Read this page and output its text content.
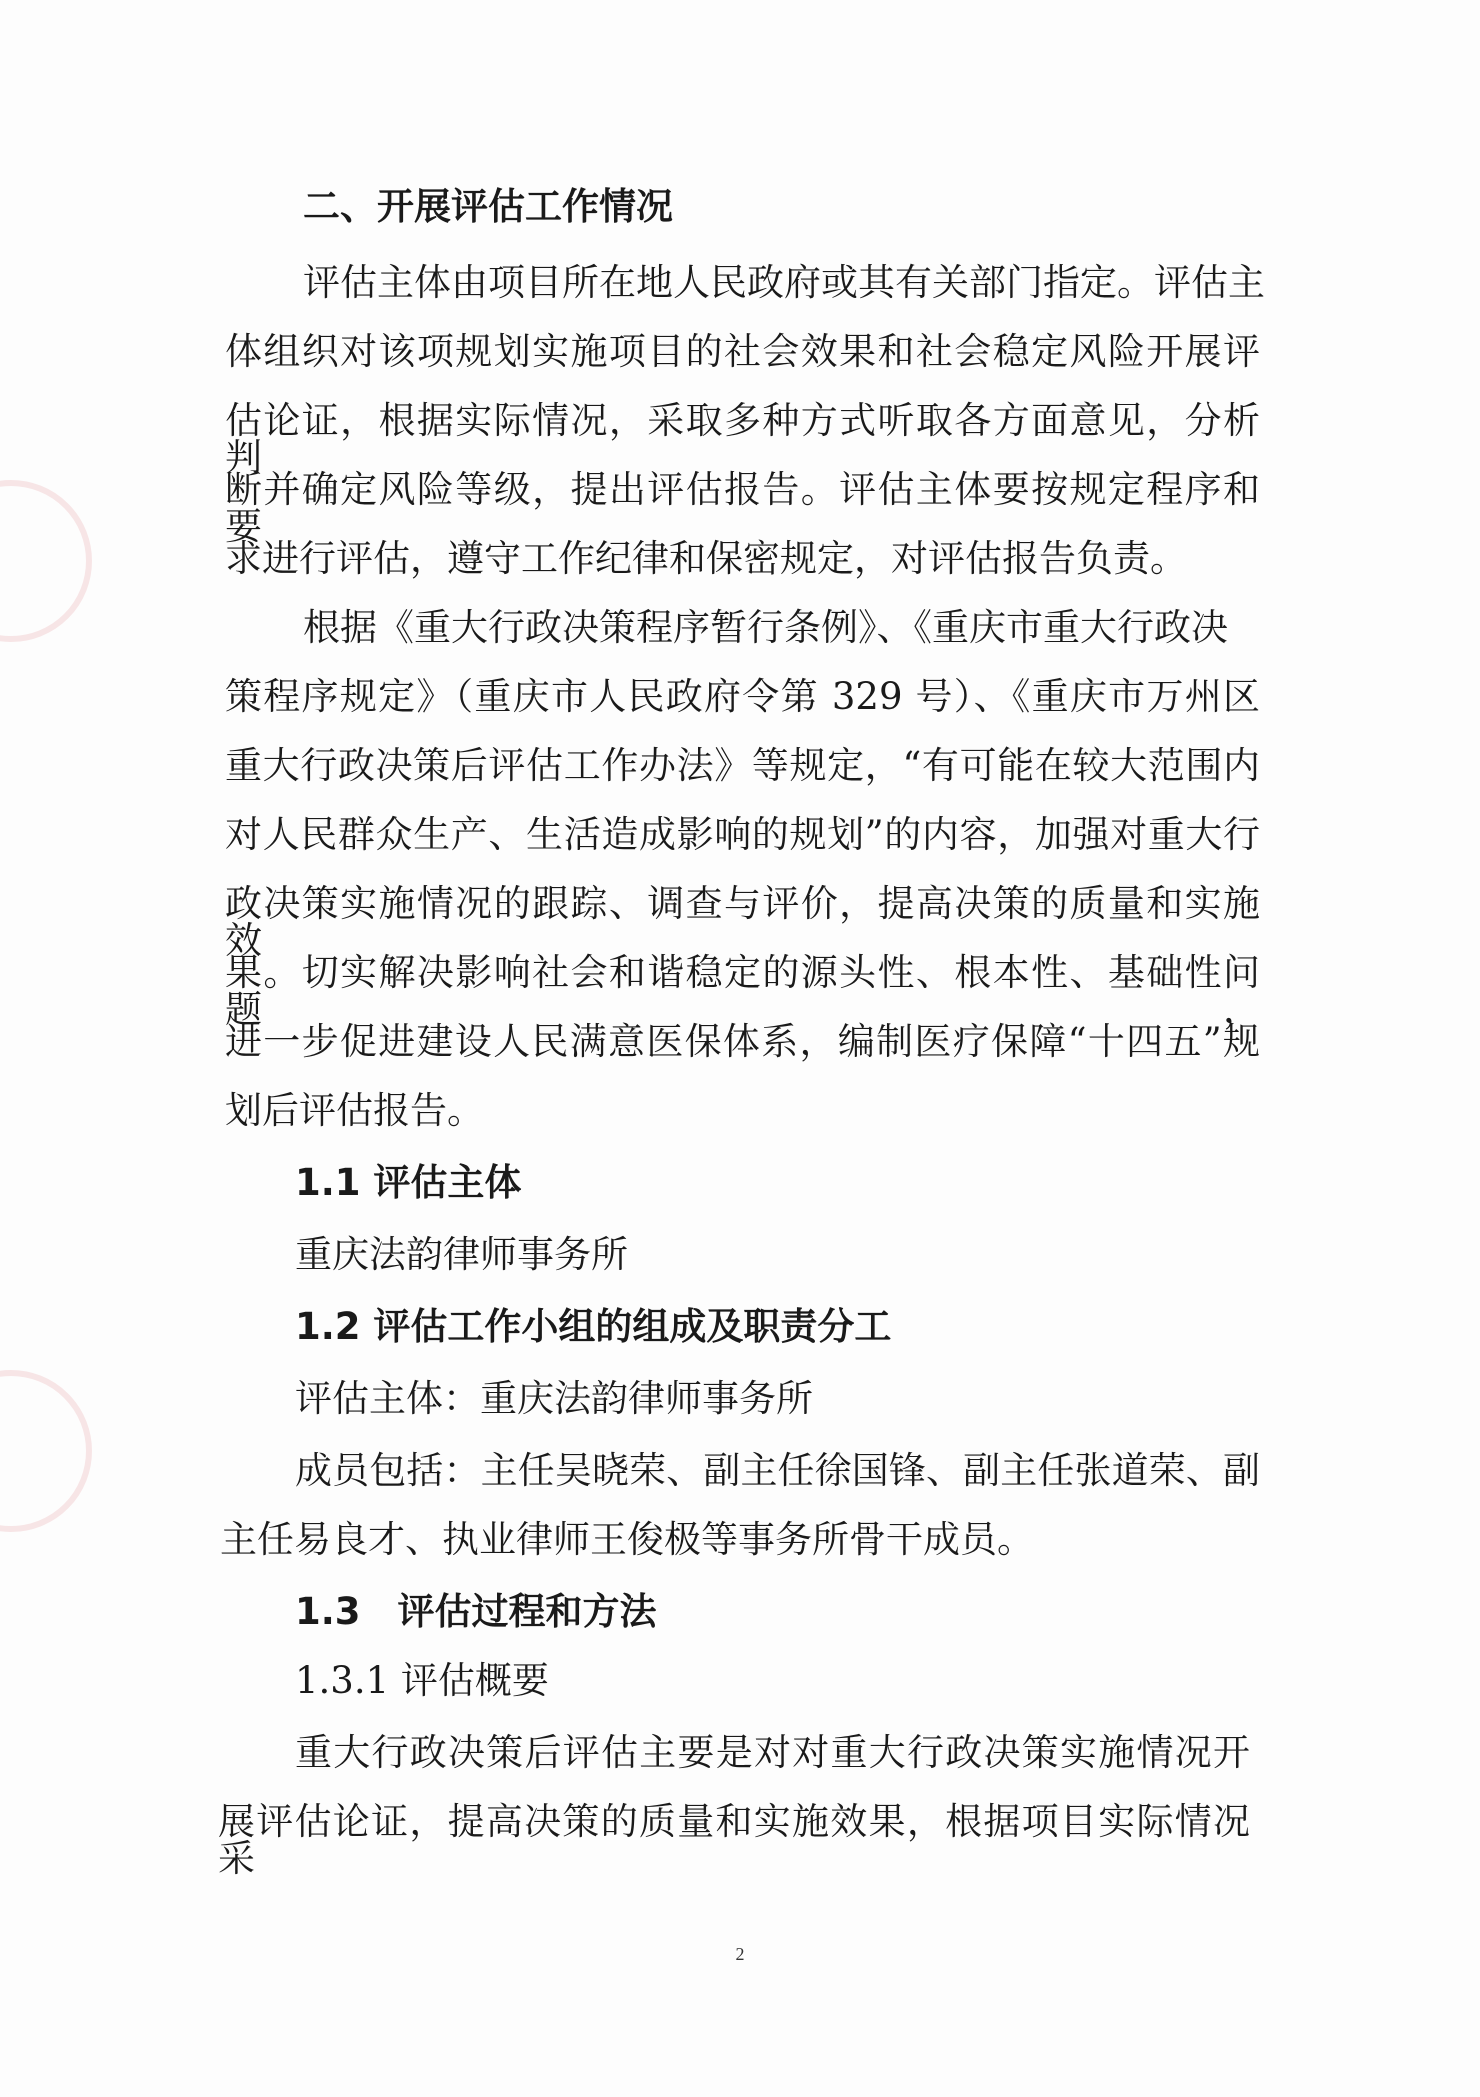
二、开展评估工作情况
评估主体由项目所在地人民政府或其有关部门指定。评估主
体组织对该项规划实施项目的社会效果和社会稳定风险开展评
估论证，根据实际情况，采取多种方式听取各方面意见，分析判
断并确定风险等级，提出评估报告。评估主体要按规定程序和要
求进行评估，遵守工作纪律和保密规定，对评估报告负责。
根据《重大行政决策程序暂行条例》、《重庆市重大行政决
策程序规定》（重庆市人民政府令第 329 号）、《重庆市万州区
重大行政决策后评估工作办法》等规定，“有可能在较大范围内
对人民群众生产、生活造成影响的规划”的内容，加强对重大行
政决策实施情况的跟踪、调查与评价，提高决策的质量和实施效
果。切实解决影响社会和谐稳定的源头性、根本性、基础性问题，
进一步促进建设人民满意医保体系，编制医疗保障“十四五”规
划后评估报告。
1.1 评估主体
重庆法韵律师事务所
1.2 评估工作小组的组成及职责分工
评估主体：重庆法韵律师事务所
成员包括：主任吴晓荣、副主任徐国锋、副主任张道荣、副
主任易良才、执业律师王俊极等事务所骨干成员。
1.3　评估过程和方法
1.3.1 评估概要
重大行政决策后评估主要是对对重大行政决策实施情况开
展评估论证，提高决策的质量和实施效果，根据项目实际情况采
2
